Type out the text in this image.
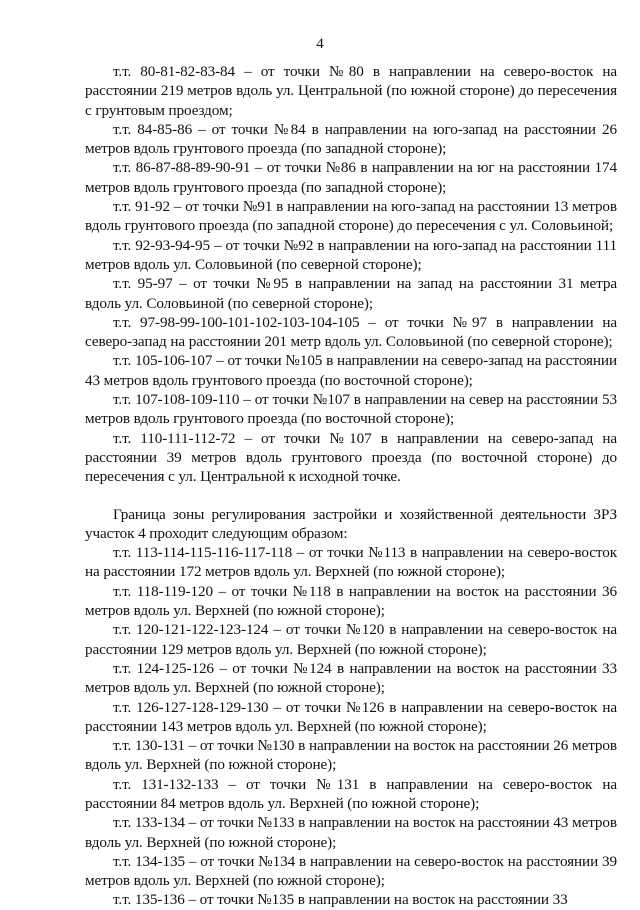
4

т.т. 80-81-82-83-84 – от точки №80 в направлении на северо-восток на расстоянии 219 метров вдоль ул. Центральной (по южной стороне) до пересечения с грунтовым проездом;

т.т. 84-85-86 – от точки №84 в направлении на юго-запад на расстоянии 26 метров вдоль грунтового проезда (по западной стороне);

т.т. 86-87-88-89-90-91 – от точки №86 в направлении на юг на расстоянии 174 метров вдоль грунтового проезда (по западной стороне);

т.т. 91-92 – от точки №91 в направлении на юго-запад на расстоянии 13 метров вдоль грунтового проезда (по западной стороне) до пересечения с ул. Соловьиной;

т.т. 92-93-94-95 – от точки №92 в направлении на юго-запад на расстоянии 111 метров вдоль ул. Соловьиной (по северной стороне);

т.т. 95-97 – от точки №95 в направлении на запад на расстоянии 31 метра вдоль ул. Соловьиной (по северной стороне);

т.т. 97-98-99-100-101-102-103-104-105 – от точки №97 в направлении на северо-запад на расстоянии 201 метр вдоль ул. Соловьиной (по северной стороне);

т.т. 105-106-107 – от точки №105 в направлении на северо-запад на расстоянии 43 метров вдоль грунтового проезда (по восточной стороне);

т.т. 107-108-109-110 – от точки №107 в направлении на север на расстоянии 53 метров вдоль грунтового проезда (по восточной стороне);

т.т. 110-111-112-72 – от точки №107 в направлении на северо-запад на расстоянии 39 метров вдоль грунтового проезда (по восточной стороне) до пересечения с ул. Центральной к исходной точке.

Граница зоны регулирования застройки и хозяйственной деятельности ЗРЗ участок 4 проходит следующим образом:

т.т. 113-114-115-116-117-118 – от точки №113 в направлении на северо-восток на расстоянии 172 метров вдоль ул. Верхней (по южной стороне);

т.т. 118-119-120 – от точки №118 в направлении на восток на расстоянии 36 метров вдоль ул. Верхней (по южной стороне);

т.т. 120-121-122-123-124 – от точки №120 в направлении на северо-восток на расстоянии 129 метров вдоль ул. Верхней (по южной стороне);

т.т. 124-125-126 – от точки №124 в направлении на восток на расстоянии 33 метров вдоль ул. Верхней (по южной стороне);

т.т. 126-127-128-129-130 – от точки №126 в направлении на северо-восток на расстоянии 143 метров вдоль ул. Верхней (по южной стороне);

т.т. 130-131 – от точки №130 в направлении на восток на расстоянии 26 метров вдоль ул. Верхней (по южной стороне);

т.т. 131-132-133 – от точки №131 в направлении на северо-восток на расстоянии 84 метров вдоль ул. Верхней (по южной стороне);

т.т. 133-134 – от точки №133 в направлении на восток на расстоянии 43 метров вдоль ул. Верхней (по южной стороне);

т.т. 134-135 – от точки №134 в направлении на северо-восток на расстоянии 39 метров вдоль ул. Верхней (по южной стороне);

т.т. 135-136 – от точки №135 в направлении на восток на расстоянии 33
